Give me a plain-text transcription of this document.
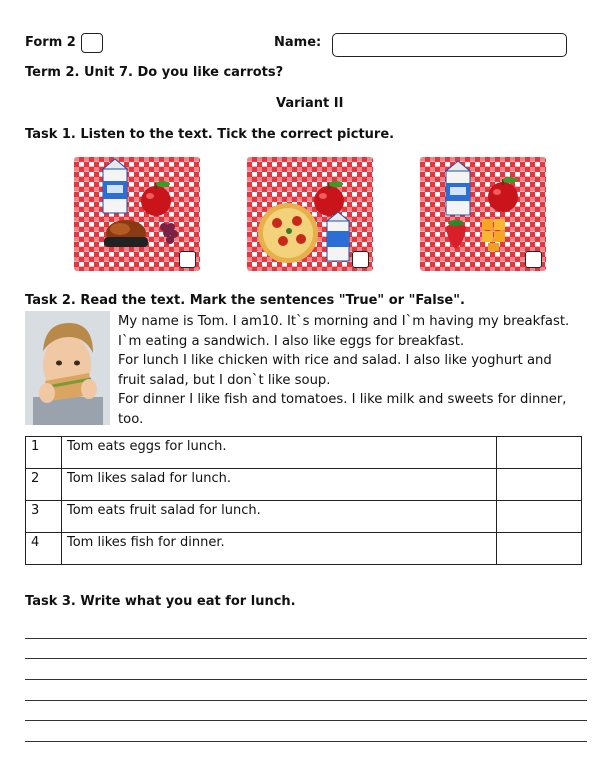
Form 2	Name:
Term 2. Unit 7. Do you like carrots?
Variant II
Task 1. Listen to the text. Tick the correct picture.
Task 2. Read the text. Mark the sentences "True" or "False".
My name is Tom. I am10. It`s morning and I`m having my breakfast.
I`m eating a sandwich. I also like eggs for breakfast.
For lunch I like chicken with rice and salad. I also like yoghurt and
fruit salad, but I don`t like soup.
For dinner I like fish and tomatoes. I like milk and sweets for dinner,
too.
1	Tom eats eggs for lunch.	
2	Tom likes salad for lunch.	
3	Tom eats fruit salad for lunch.	
4	Tom likes fish for dinner.	
Task 3. Write what you eat for lunch.
